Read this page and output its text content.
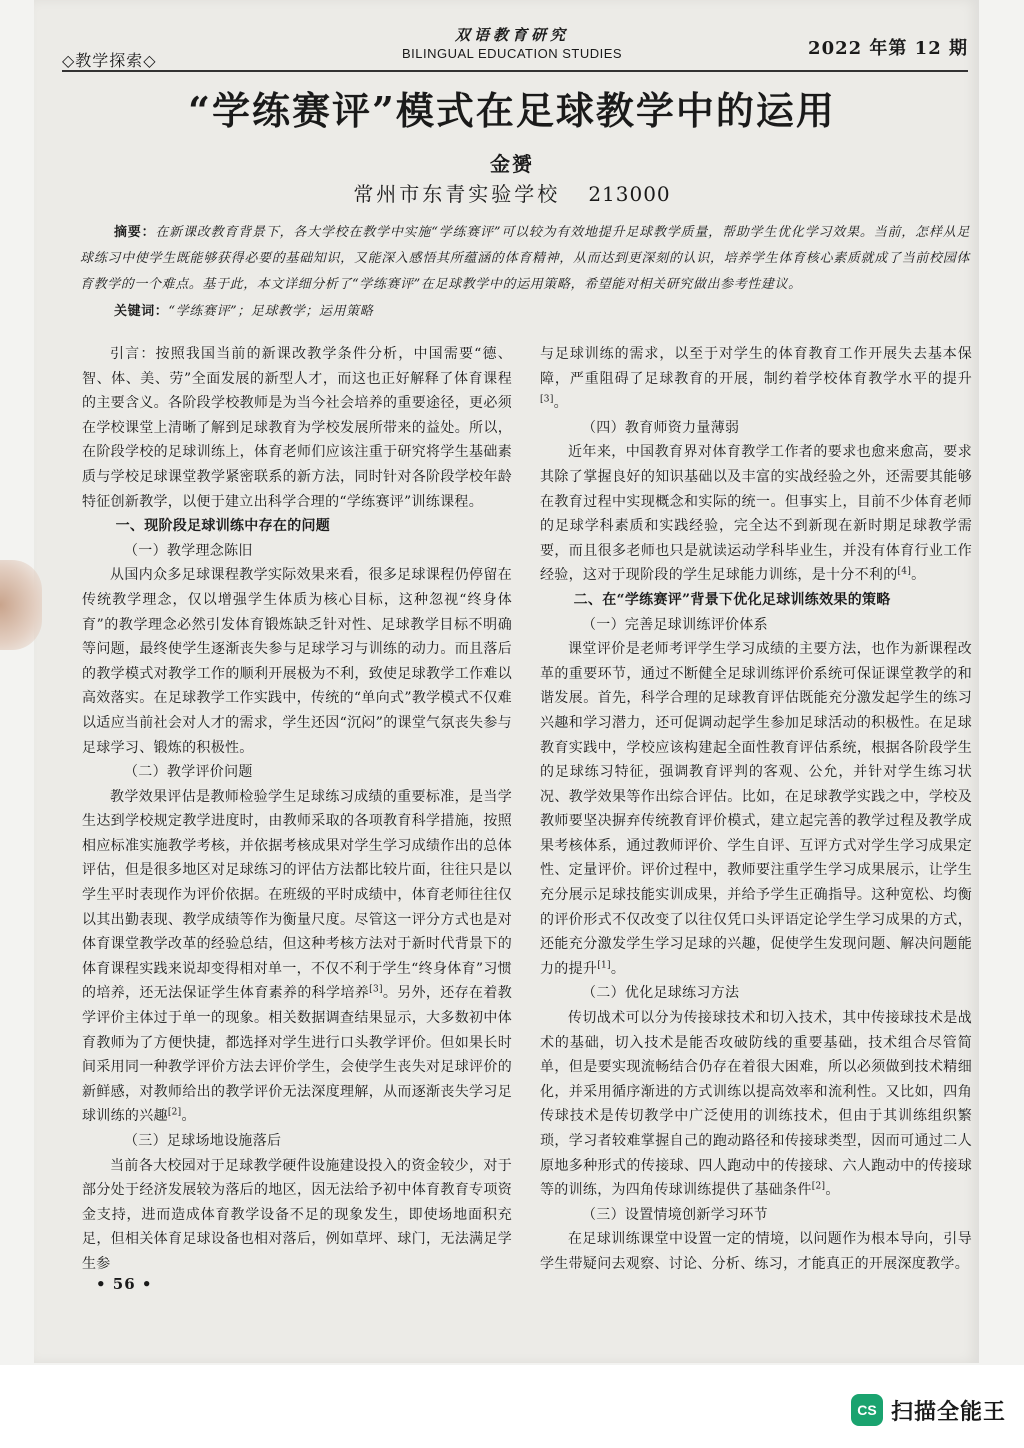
◇教学探索◇
双语教育研究
BILINGUAL EDUCATION STUDIES	2022 年第 12 期
“学练赛评”模式在足球教学中的运用
金赟
常州市东青实验学校 213000
摘要：在新课改教育背景下，各大学校在教学中实施“学练赛评”可以较为有效地提升足球教学质量，帮助学生优化学习效果。当前，怎样从足球练习中使学生既能够获得必要的基础知识，又能深入感悟其所蕴涵的体育精神，从而达到更深刻的认识，培养学生体育核心素质就成了当前校园体育教学的一个难点。基于此，本文详细分析了“学练赛评”在足球教学中的运用策略，希望能对相关研究做出参考性建议。
关键词：“学练赛评”；足球教学；运用策略

引言：按照我国当前的新课改教学条件分析，中国需要“德、智、体、美、劳”全面发展的新型人才，而这也正好解释了体育课程的主要含义。各阶段学校教师是为当今社会培养的重要途径，更必须在学校课堂上清晰了解到足球教育为学校发展所带来的益处。所以，在阶段学校的足球训练上，体育老师们应该注重于研究将学生基础素质与学校足球课堂教学紧密联系的新方法，同时针对各阶段学校年龄特征创新教学，以便于建立出科学合理的“学练赛评”训练课程。

一、现阶段足球训练中存在的问题
（一）教学理念陈旧

从国内众多足球课程教学实际效果来看，很多足球课程仍停留在传统教学理念，仅以增强学生体质为核心目标，这种忽视“终身体育”的教学理念必然引发体育锻炼缺乏针对性、足球教学目标不明确等问题，最终使学生逐渐丧失参与足球学习与训练的动力。而且落后的教学模式对教学工作的顺利开展极为不利，致使足球教学工作难以高效落实。在足球教学工作实践中，传统的“单向式”教学模式不仅难以适应当前社会对人才的需求，学生还因“沉闷”的课堂气氛丧失参与足球学习、锻炼的积极性。

（二）教学评价问题

教学效果评估是教师检验学生足球练习成绩的重要标准，是当学生达到学校规定教学进度时，由教师采取的各项教育科学措施，按照相应标准实施教学考核，并依据考核成果对学生学习成绩作出的总体评估，但是很多地区对足球练习的评估方法都比较片面，往往只是以学生平时表现作为评价依据。在班级的平时成绩中，体育老师往往仅以其出勤表现、教学成绩等作为衡量尺度。尽管这一评分方式也是对体育课堂教学改革的经验总结，但这种考核方法对于新时代背景下的体育课程实践来说却变得相对单一，不仅不利于学生“终身体育”习惯的培养，还无法保证学生体育素养的科学培养[3]。另外，还存在着教学评价主体过于单一的现象。相关数据调查结果显示，大多数初中体育教师为了方便快捷，都选择对学生进行口头教学评价。但如果长时间采用同一种教学评价方法去评价学生，会使学生丧失对足球评价的新鲜感，对教师给出的教学评价无法深度理解，从而逐渐丧失学习足球训练的兴趣[2]。

（三）足球场地设施落后

当前各大校园对于足球教学硬件设施建设投入的资金较少，对于部分处于经济发展较为落后的地区，因无法给予初中体育教育专项资金支持，进而造成体育教学设备不足的现象发生，即使场地面积充足，但相关体育足球设备也相对落后，例如草坪、球门，无法满足学生参

与足球训练的需求，以至于对学生的体育教育工作开展失去基本保障，严重阻碍了足球教育的开展，制约着学校体育教学水平的提升[3]。

（四）教育师资力量薄弱

近年来，中国教育界对体育教学工作者的要求也愈来愈高，要求其除了掌握良好的知识基础以及丰富的实战经验之外，还需要其能够在教育过程中实现概念和实际的统一。但事实上，目前不少体育老师的足球学科素质和实践经验，完全达不到新现在新时期足球教学需要，而且很多老师也只是就读运动学科毕业生，并没有体育行业工作经验，这对于现阶段的学生足球能力训练，是十分不利的[4]。

二、在“学练赛评”背景下优化足球训练效果的策略
（一）完善足球训练评价体系

课堂评价是老师考评学生学习成绩的主要方法，也作为新课程改革的重要环节，通过不断健全足球训练评价系统可保证课堂教学的和谐发展。首先，科学合理的足球教育评估既能充分激发起学生的练习兴趣和学习潜力，还可促调动起学生参加足球活动的积极性。在足球教育实践中，学校应该构建起全面性教育评估系统，根据各阶段学生的足球练习特征，强调教育评判的客观、公允，并针对学生练习状况、教学效果等作出综合评估。比如，在足球教学实践之中，学校及教师要坚决摒弃传统教育评价模式，建立起完善的教学过程及教学成果考核体系，通过教师评价、学生自评、互评方式对学生学习成果定性、定量评价。评价过程中，教师要注重学生学习成果展示，让学生充分展示足球技能实训成果，并给予学生正确指导。这种宽松、均衡的评价形式不仅改变了以往仅凭口头评语定论学生学习成果的方式，还能充分激发学生学习足球的兴趣，促使学生发现问题、解决问题能力的提升[1]。

（二）优化足球练习方法

传切战术可以分为传接球技术和切入技术，其中传接球技术是战术的基础，切入技术是能否攻破防线的重要基础，技术组合尽管简单，但是要实现流畅结合仍存在着很大困难，所以必须做到技术精细化，并采用循序渐进的方式训练以提高效率和流利性。又比如，四角传球技术是传切教学中广泛使用的训练技术，但由于其训练组织繁琐，学习者较难掌握自己的跑动路径和传接球类型，因而可通过二人原地多种形式的传接球、四人跑动中的传接球、六人跑动中的传接球等的训练，为四角传球训练提供了基础条件[2]。

（三）设置情境创新学习环节

在足球训练课堂中设置一定的情境，以问题作为根本导向，引导学生带疑问去观察、讨论、分析、练习，才能真正的开展深度教学。

• 56 •
CS 扫描全能王
